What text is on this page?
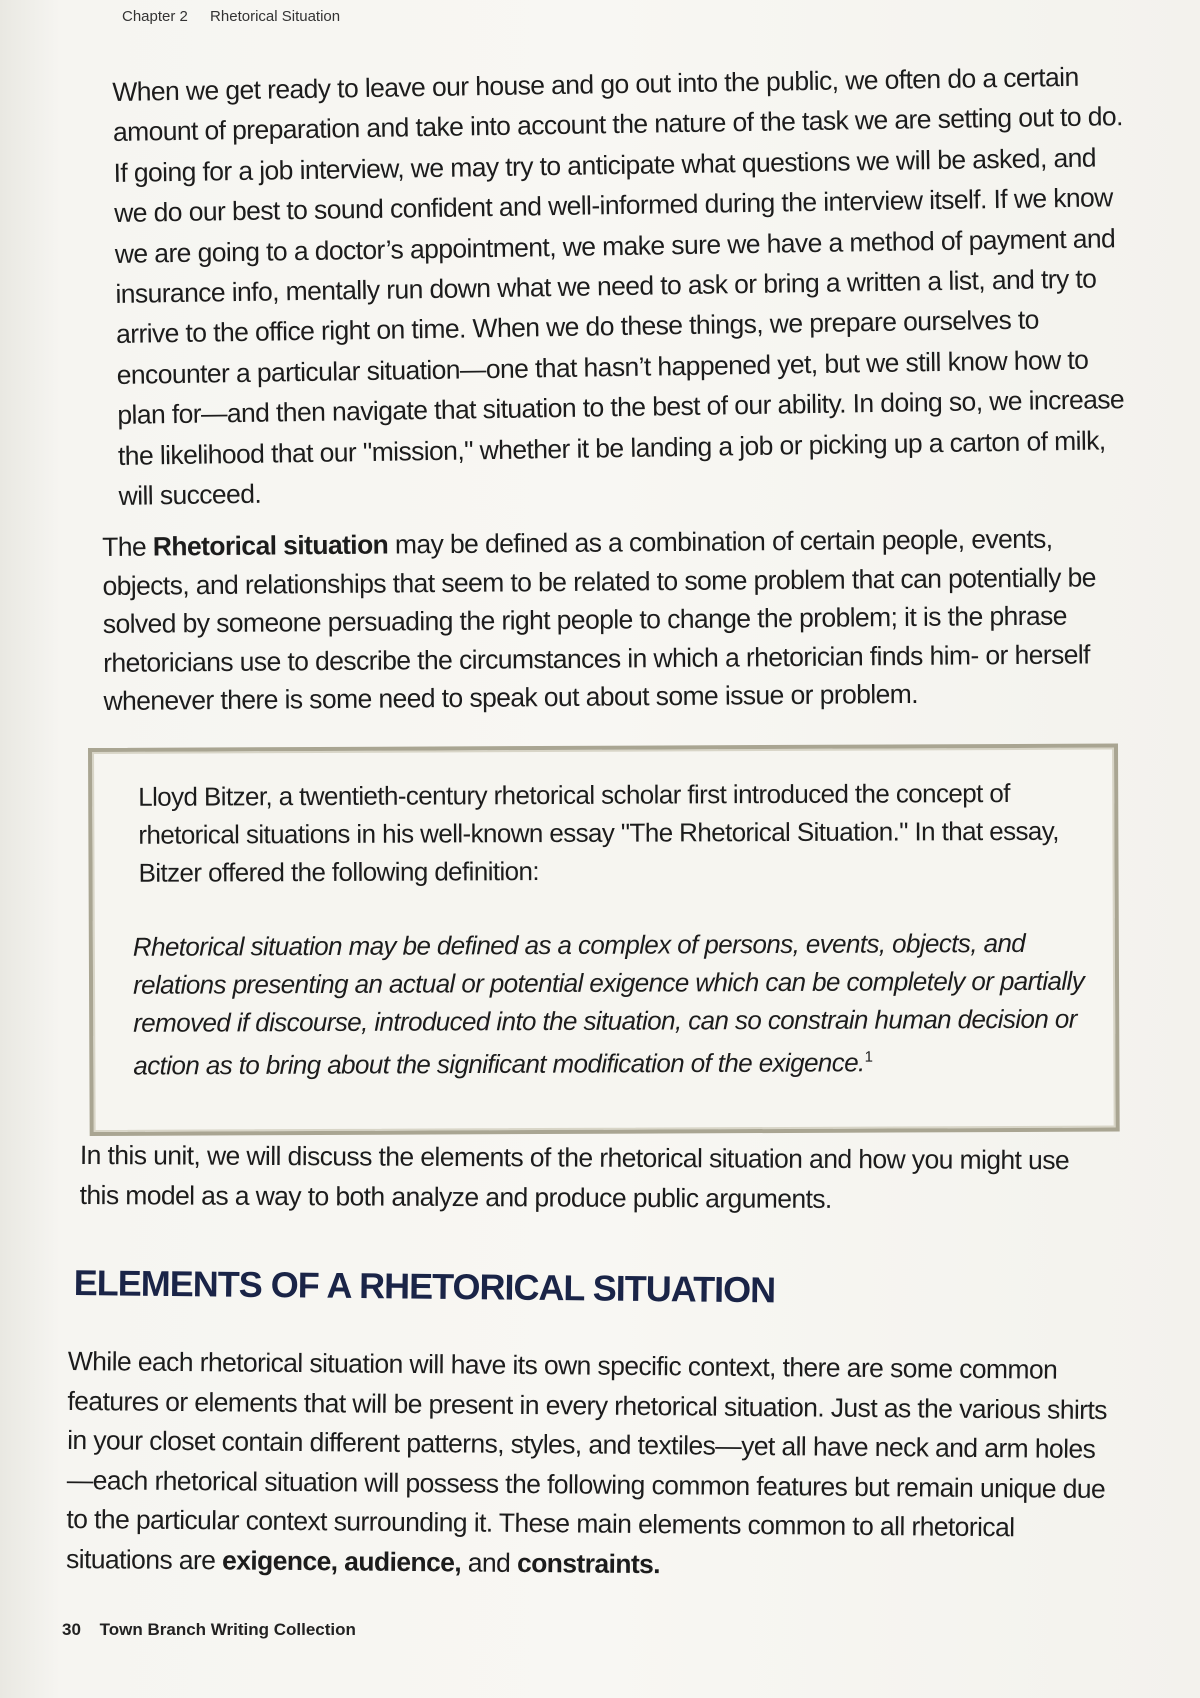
Chapter 2 Rhetorical Situation
When we get ready to leave our house and go out into the public, we often do a certain amount of preparation and take into account the nature of the task we are setting out to do. If going for a job interview, we may try to anticipate what questions we will be asked, and we do our best to sound confident and well-informed during the interview itself. If we know we are going to a doctor’s appointment, we make sure we have a method of payment and insurance info, mentally run down what we need to ask or bring a written a list, and try to arrive to the office right on time. When we do these things, we prepare ourselves to encounter a particular situation—one that hasn’t happened yet, but we still know how to plan for—and then navigate that situation to the best of our ability. In doing so, we increase the likelihood that our "mission," whether it be landing a job or picking up a carton of milk, will succeed.
The Rhetorical situation may be defined as a combination of certain people, events, objects, and relationships that seem to be related to some problem that can potentially be solved by someone persuading the right people to change the problem; it is the phrase rhetoricians use to describe the circumstances in which a rhetorician finds him- or herself whenever there is some need to speak out about some issue or problem.
Lloyd Bitzer, a twentieth-century rhetorical scholar first introduced the concept of rhetorical situations in his well-known essay "The Rhetorical Situation." In that essay, Bitzer offered the following definition:
Rhetorical situation may be defined as a complex of persons, events, objects, and relations presenting an actual or potential exigence which can be completely or partially removed if discourse, introduced into the situation, can so constrain human decision or action as to bring about the significant modification of the exigence.$^1$
In this unit, we will discuss the elements of the rhetorical situation and how you might use this model as a way to both analyze and produce public arguments.
ELEMENTS OF A RHETORICAL SITUATION
While each rhetorical situation will have its own specific context, there are some common features or elements that will be present in every rhetorical situation. Just as the various shirts in your closet contain different patterns, styles, and textiles—yet all have neck and arm holes—each rhetorical situation will possess the following common features but remain unique due to the particular context surrounding it. These main elements common to all rhetorical situations are exigence, audience, and constraints.
30 Town Branch Writing Collection
